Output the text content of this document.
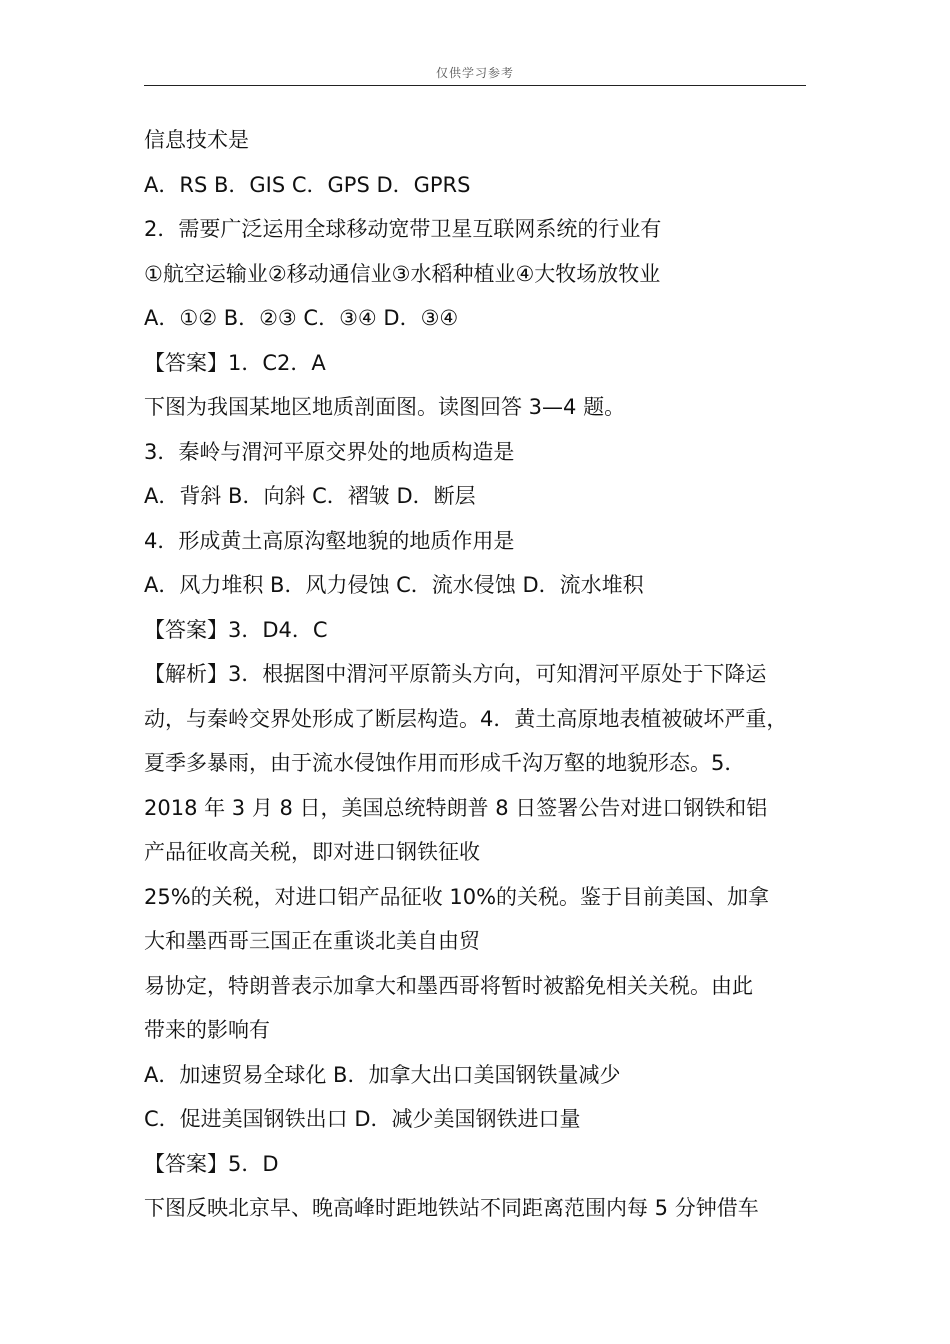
仅供学习参考
信息技术是
A．RS B．GIS C．GPS D．GPRS
2．需要广泛运用全球移动宽带卫星互联网系统的行业有
①航空运输业②移动通信业③水稻种植业④大牧场放牧业
A．①② B．②③ C．③④ D．③④
【答案】1．C2．A
下图为我国某地区地质剖面图。读图回答 3—4 题。
3．秦岭与渭河平原交界处的地质构造是
A．背斜 B．向斜 C．褶皱 D．断层
4．形成黄土高原沟壑地貌的地质作用是
A．风力堆积 B．风力侵蚀 C．流水侵蚀 D．流水堆积
【答案】3．D4．C
【解析】3．根据图中渭河平原箭头方向，可知渭河平原处于下降运
动，与秦岭交界处形成了断层构造。4．黄土高原地表植被破坏严重，
夏季多暴雨，由于流水侵蚀作用而形成千沟万壑的地貌形态。5．
2018 年 3 月 8 日，美国总统特朗普 8 日签署公告对进口钢铁和铝
产品征收高关税，即对进口钢铁征收
25%的关税，对进口铝产品征收 10%的关税。鉴于目前美国、加拿
大和墨西哥三国正在重谈北美自由贸
易协定，特朗普表示加拿大和墨西哥将暂时被豁免相关关税。由此
带来的影响有
A．加速贸易全球化 B．加拿大出口美国钢铁量减少
C．促进美国钢铁出口 D．减少美国钢铁进口量
【答案】5．D
下图反映北京早、晚高峰时距地铁站不同距离范围内每 5 分钟借车
